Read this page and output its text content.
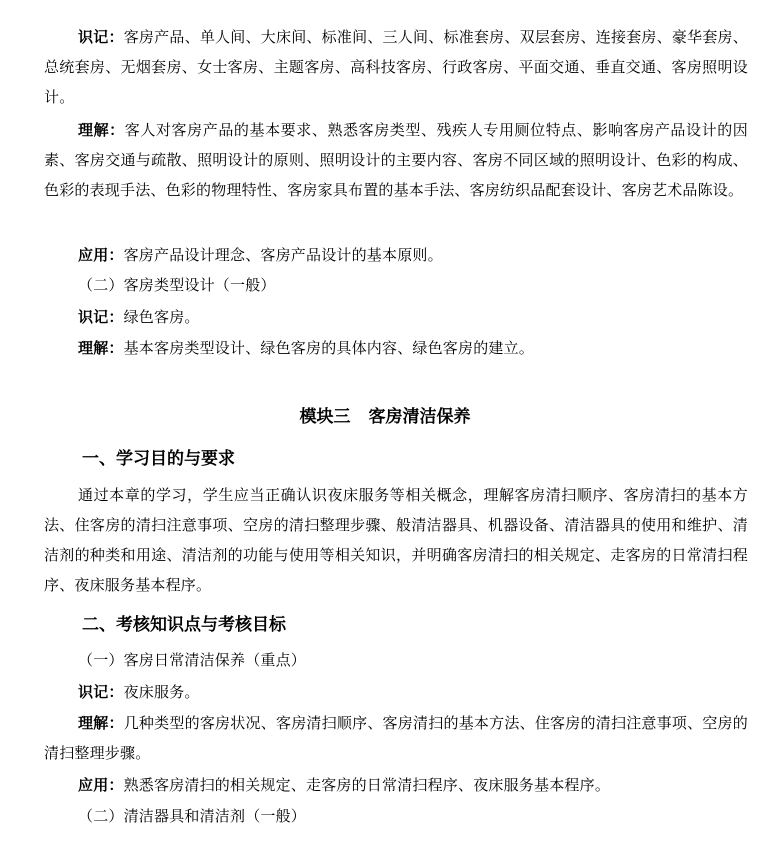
识记：客房产品、单人间、大床间、标准间、三人间、标准套房、双层套房、连接套房、豪华套房、总统套房、无烟套房、女士客房、主题客房、高科技客房、行政客房、平面交通、垂直交通、客房照明设计。

理解：客人对客房产品的基本要求、熟悉客房类型、残疾人专用厕位特点、影响客房产品设计的因素、客房交通与疏散、照明设计的原则、照明设计的主要内容、客房不同区域的照明设计、色彩的构成、色彩的表现手法、色彩的物理特性、客房家具布置的基本手法、客房纺织品配套设计、客房艺术品陈设。

应用：客房产品设计理念、客房产品设计的基本原则。

（二）客房类型设计（一般）

识记：绿色客房。

理解：基本客房类型设计、绿色客房的具体内容、绿色客房的建立。

模块三 客房清洁保养
一、学习目的与要求

通过本章的学习，学生应当正确认识夜床服务等相关概念，理解客房清扫顺序、客房清扫的基本方法、住客房的清扫注意事项、空房的清扫整理步骤、般清洁器具、机器设备、清洁器具的使用和维护、清洁剂的种类和用途、清洁剂的功能与使用等相关知识，并明确客房清扫的相关规定、走客房的日常清扫程序、夜床服务基本程序。

二、考核知识点与考核目标

（一）客房日常清洁保养（重点）

识记：夜床服务。

理解：几种类型的客房状况、客房清扫顺序、客房清扫的基本方法、住客房的清扫注意事项、空房的清扫整理步骤。

应用：熟悉客房清扫的相关规定、走客房的日常清扫程序、夜床服务基本程序。

（二）清洁器具和清洁剂（一般）
